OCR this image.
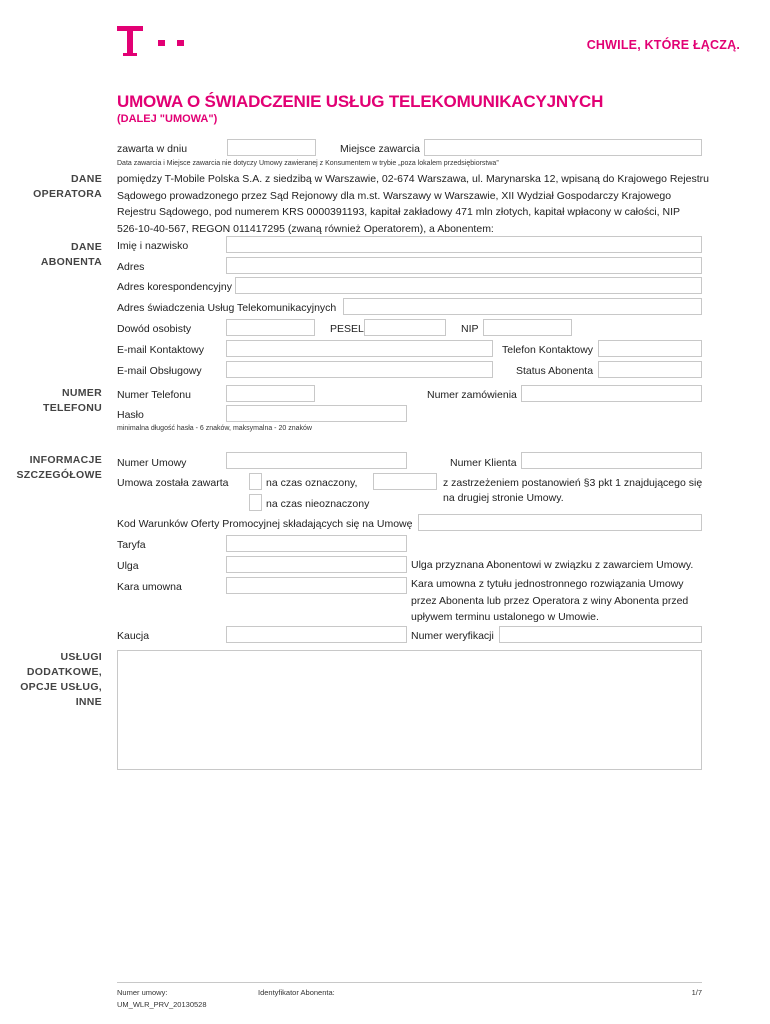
CHWILE, KTÓRE ŁĄCZĄ.
UMOWA O ŚWIADCZENIE USŁUG TELEKOMUNIKACYJNYCH
(DALEJ "UMOWA")
zawarta w dniu	Miejsce zawarcia
Data zawarcia i Miejsce zawarcia nie dotyczy Umowy zawieranej z Konsumentem w trybie „poza lokalem przedsiębiorstwa”
DANE
OPERATORA
pomiędzy T-Mobile Polska S.A. z siedzibą w Warszawie, 02-674 Warszawa, ul. Marynarska 12, wpisaną do Krajowego Rejestru
Sądowego prowadzonego przez Sąd Rejonowy dla m.st. Warszawy w Warszawie, XII Wydział Gospodarczy Krajowego
Rejestru Sądowego, pod numerem KRS 0000391193, kapitał zakładowy 471 mln złotych, kapitał wpłacony w całości, NIP
526-10-40-567, REGON 011417295 (zwaną również Operatorem), a Abonentem:
DANE
ABONENTA
Imię i nazwisko
Adres
Adres korespondencyjny
Adres świadczenia Usług Telekomunikacyjnych
Dowód osobisty	PESEL	NIP
E-mail Kontaktowy	Telefon Kontaktowy
E-mail Obsługowy	Status Abonenta
NUMER
TELEFONU
Numer Telefonu	Numer zamówienia
Hasło
minimalna długość hasła - 6 znaków, maksymalna - 20 znaków
INFORMACJE
SZCZEGÓŁOWE
Numer Umowy	Numer Klienta
Umowa została zawarta	na czas oznaczony,	z zastrzeżeniem postanowień §3 pkt 1 znajdującego się
na drugiej stronie Umowy.
na czas nieoznaczony
Kod Warunków Oferty Promocyjnej składających się na Umowę
Taryfa
Ulga	Ulga przyznana Abonentowi w związku z zawarciem Umowy.
Kara umowna	Kara umowna z tytułu jednostronnego rozwiązania Umowy
przez Abonenta lub przez Operatora z winy Abonenta przed
upływem terminu ustalonego w Umowie.
Kaucja	Numer weryfikacji
USŁUGI
DODATKOWE,
OPCJE USŁUG,
INNE
Numer umowy:	Identyfikator Abonenta:	1/7
UM_WLR_PRV_20130528
